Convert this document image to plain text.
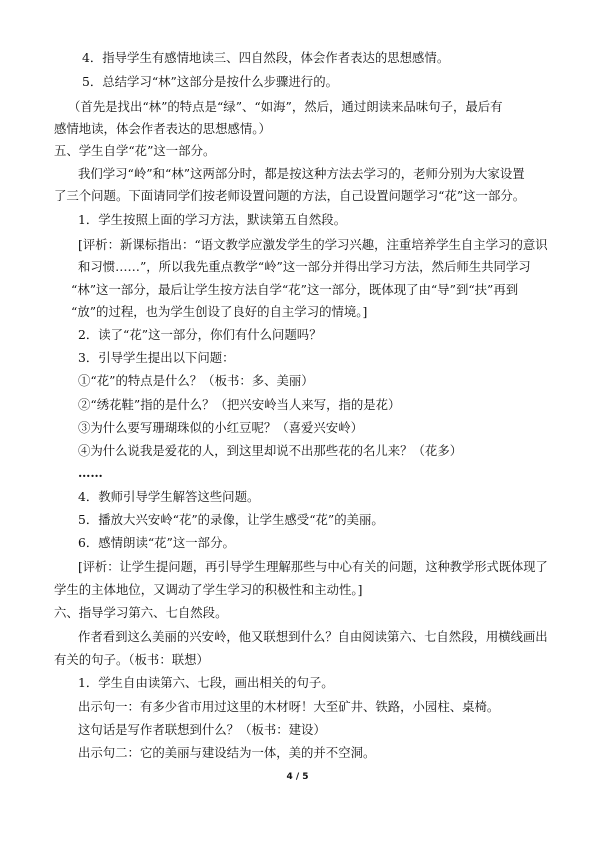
4．指导学生有感情地读三、四自然段，体会作者表达的思想感情。
5．总结学习“林”这部分是按什么步骤进行的。
（首先是找出“林”的特点是“绿”、“如海”，然后，通过朗读来品味句子，最后有
感情地读，体会作者表达的思想感情。）
五、学生自学“花”这一部分。
我们学习“岭”和“林”这两部分时，都是按这种方法去学习的，老师分别为大家设置
了三个问题。下面请同学们按老师设置问题的方法，自己设置问题学习“花”这一部分。
1．学生按照上面的学习方法，默读第五自然段。
[评析：新课标指出：“语文教学应激发学生的学习兴趣，注重培养学生自主学习的意识
和习惯……”，所以我先重点教学“岭”这一部分并得出学习方法，然后师生共同学习
“林”这一部分，最后让学生按方法自学“花”这一部分，既体现了由“导”到“扶”再到
“放”的过程，也为学生创设了良好的自主学习的情境。]
2．读了“花”这一部分，你们有什么问题吗？
3．引导学生提出以下问题：
①“花”的特点是什么？（板书：多、美丽）
②“绣花鞋”指的是什么？（把兴安岭当人来写，指的是花）
③为什么要写珊瑚珠似的小红豆呢？（喜爱兴安岭）
④为什么说我是爱花的人，到这里却说不出那些花的名儿来？（花多）
……
4．教师引导学生解答这些问题。
5．播放大兴安岭“花”的录像，让学生感受“花”的美丽。
6．感情朗读“花”这一部分。
[评析：让学生提问题，再引导学生理解那些与中心有关的问题，这种教学形式既体现了
学生的主体地位，又调动了学生学习的积极性和主动性。]
六、指导学习第六、七自然段。
作者看到这么美丽的兴安岭，他又联想到什么？自由阅读第六、七自然段，用横线画出
有关的句子。（板书：联想）
1．学生自由读第六、七段，画出相关的句子。
出示句一：有多少省市用过这里的木材呀！大至矿井、铁路，小园柱、桌椅。
这句话是写作者联想到什么？（板书：建设）
出示句二：它的美丽与建设结为一体，美的并不空洞。
4 / 5
